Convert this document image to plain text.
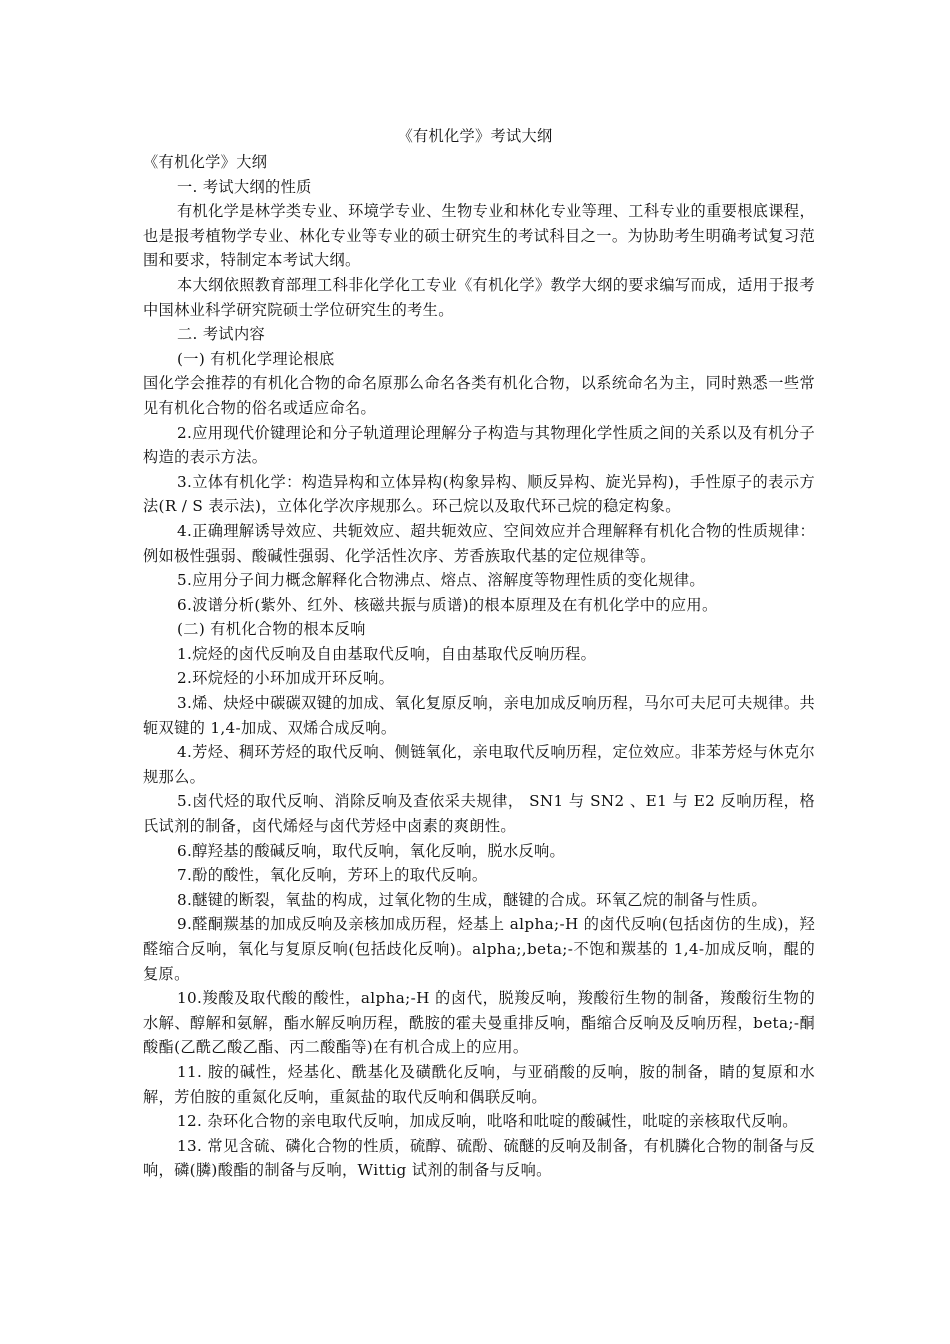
《有机化学》考试大纲

《有机化学》大纲

一. 考试大纲的性质

有机化学是林学类专业、环境学专业、生物专业和林化专业等理、工科专业的重要根底课程，也是报考植物学专业、林化专业等专业的硕士研究生的考试科目之一。为协助考生明确考试复习范围和要求，特制定本考试大纲。

本大纲依照教育部理工科非化学化工专业《有机化学》教学大纲的要求编写而成，适用于报考中国林业科学研究院硕士学位研究生的考生。

二. 考试内容

(一) 有机化学理论根底

国化学会推荐的有机化合物的命名原那么命名各类有机化合物，以系统命名为主，同时熟悉一些常见有机化合物的俗名或适应命名。

2.应用现代价键理论和分子轨道理论理解分子构造与其物理化学性质之间的关系以及有机分子构造的表示方法。

3.立体有机化学：构造异构和立体异构(构象异构、顺反异构、旋光异构)，手性原子的表示方法(R / S 表示法)，立体化学次序规那么。环己烷以及取代环己烷的稳定构象。

4.正确理解诱导效应、共轭效应、超共轭效应、空间效应并合理解释有机化合物的性质规律：例如极性强弱、酸碱性强弱、化学活性次序、芳香族取代基的定位规律等。

5.应用分子间力概念解释化合物沸点、熔点、溶解度等物理性质的变化规律。

6.波谱分析(紫外、红外、核磁共振与质谱)的根本原理及在有机化学中的应用。

(二) 有机化合物的根本反响

1.烷烃的卤代反响及自由基取代反响，自由基取代反响历程。

2.环烷烃的小环加成开环反响。

3.烯、炔烃中碳碳双键的加成、氧化复原反响，亲电加成反响历程，马尔可夫尼可夫规律。共轭双键的 1,4-加成、双烯合成反响。

4.芳烃、稠环芳烃的取代反响、侧链氧化，亲电取代反响历程，定位效应。非苯芳烃与休克尔规那么。

5.卤代烃的取代反响、消除反响及查依采夫规律， SN1 与 SN2 、E1 与 E2 反响历程，格氏试剂的制备，卤代烯烃与卤代芳烃中卤素的爽朗性。

6.醇羟基的酸碱反响，取代反响，氧化反响，脱水反响。

7.酚的酸性，氧化反响，芳环上的取代反响。

8.醚键的断裂，氧盐的构成，过氧化物的生成，醚键的合成。环氧乙烷的制备与性质。

9.醛酮羰基的加成反响及亲核加成历程，烃基上 alpha;-H 的卤代反响(包括卤仿的生成)，羟醛缩合反响，氧化与复原反响(包括歧化反响)。alpha;,beta;-不饱和羰基的 1,4-加成反响，醌的复原。

10.羧酸及取代酸的酸性，alpha;-H 的卤代，脱羧反响，羧酸衍生物的制备，羧酸衍生物的水解、醇解和氨解，酯水解反响历程，酰胺的霍夫曼重排反响，酯缩合反响及反响历程，beta;-酮酸酯(乙酰乙酸乙酯、丙二酸酯等)在有机合成上的应用。

11. 胺的碱性，烃基化、酰基化及磺酰化反响，与亚硝酸的反响，胺的制备，睛的复原和水解，芳伯胺的重氮化反响，重氮盐的取代反响和偶联反响。

12. 杂环化合物的亲电取代反响，加成反响，吡咯和吡啶的酸碱性，吡啶的亲核取代反响。

13. 常见含硫、磷化合物的性质，硫醇、硫酚、硫醚的反响及制备，有机膦化合物的制备与反响，磷(膦)酸酯的制备与反响，Wittig 试剂的制备与反响。
